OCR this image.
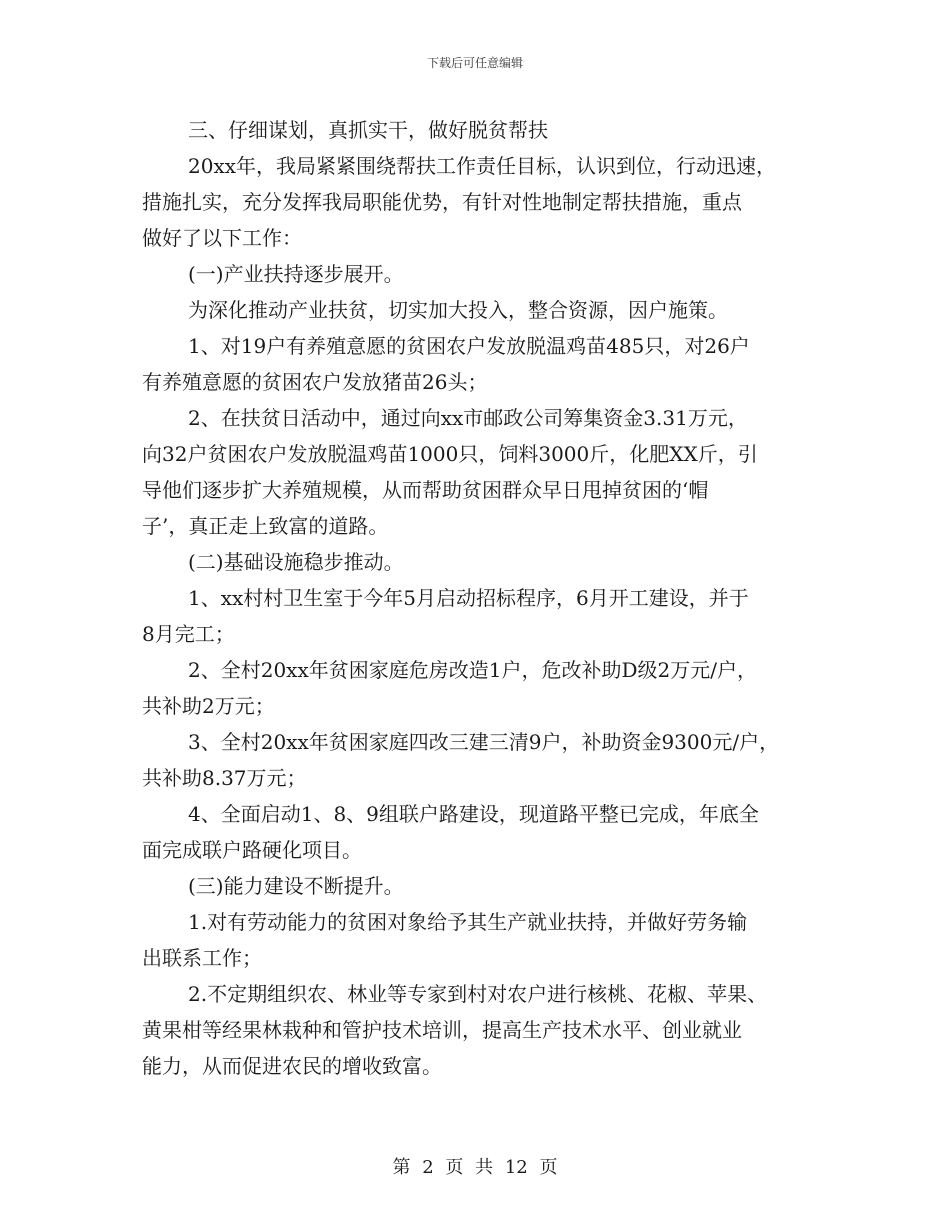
下载后可任意编辑
三、仔细谋划，真抓实干，做好脱贫帮扶
20xx年，我局紧紧围绕帮扶工作责任目标，认识到位，行动迅速，
措施扎实，充分发挥我局职能优势，有针对性地制定帮扶措施，重点
做好了以下工作：
(一)产业扶持逐步展开。
为深化推动产业扶贫，切实加大投入，整合资源，因户施策。
1、对19户有养殖意愿的贫困农户发放脱温鸡苗485只，对26户
有养殖意愿的贫困农户发放猪苗26头；
2、在扶贫日活动中，通过向xx市邮政公司筹集资金3.31万元，
向32户贫困农户发放脱温鸡苗1000只，饲料3000斤，化肥XX斤，引
导他们逐步扩大养殖规模，从而帮助贫困群众早日甩掉贫困的‘帽
子’，真正走上致富的道路。
(二)基础设施稳步推动。
1、xx村村卫生室于今年5月启动招标程序，6月开工建设，并于
8月完工；
2、全村20xx年贫困家庭危房改造1户，危改补助D级2万元/户，
共补助2万元；
3、全村20xx年贫困家庭四改三建三清9户，补助资金9300元/户，
共补助8.37万元；
4、全面启动1、8、9组联户路建设，现道路平整已完成，年底全
面完成联户路硬化项目。
(三)能力建设不断提升。
1.对有劳动能力的贫困对象给予其生产就业扶持，并做好劳务输
出联系工作；
2.不定期组织农、林业等专家到村对农户进行核桃、花椒、苹果、
黄果柑等经果林栽种和管护技术培训，提高生产技术水平、创业就业
能力，从而促进农民的增收致富。
第 2 页 共 12 页
